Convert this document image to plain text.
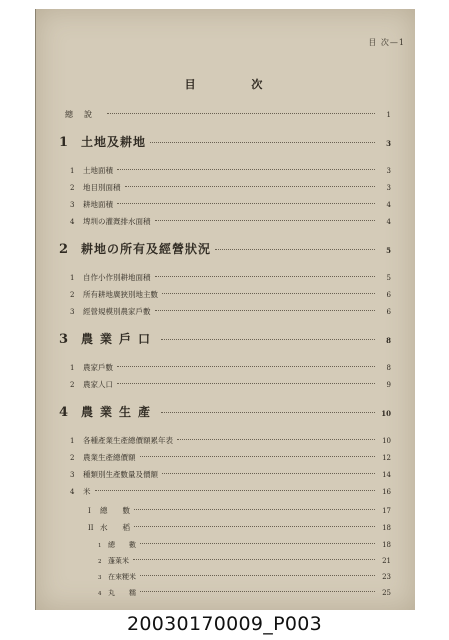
目 次—1
目 次
總說	1
1	土地及耕地	3
1	土地面積	3
2	地目別面積	3
3	耕地面積	4
4	埤圳の灌漑排水面積	4
2	耕地の所有及經營狀況	5
1	自作小作別耕地面積	5
2	所有耕地廣狹別地主數	6
3	經營規模別農家戶數	6
3	農業戶口	8
1	農家戶數	8
2	農家人口	9
4	農業生產	10
1	各種產業生產總價額累年表	10
2	農業生產總價額	12
3	種類別生產數量及價額	14
4	米	16
I	總　　數	17
II 水　　稻	18
1 總　　數	18
2 蓬萊米	21
3 在來粳米	23
4 丸　　糯	25
20030170009_P003
